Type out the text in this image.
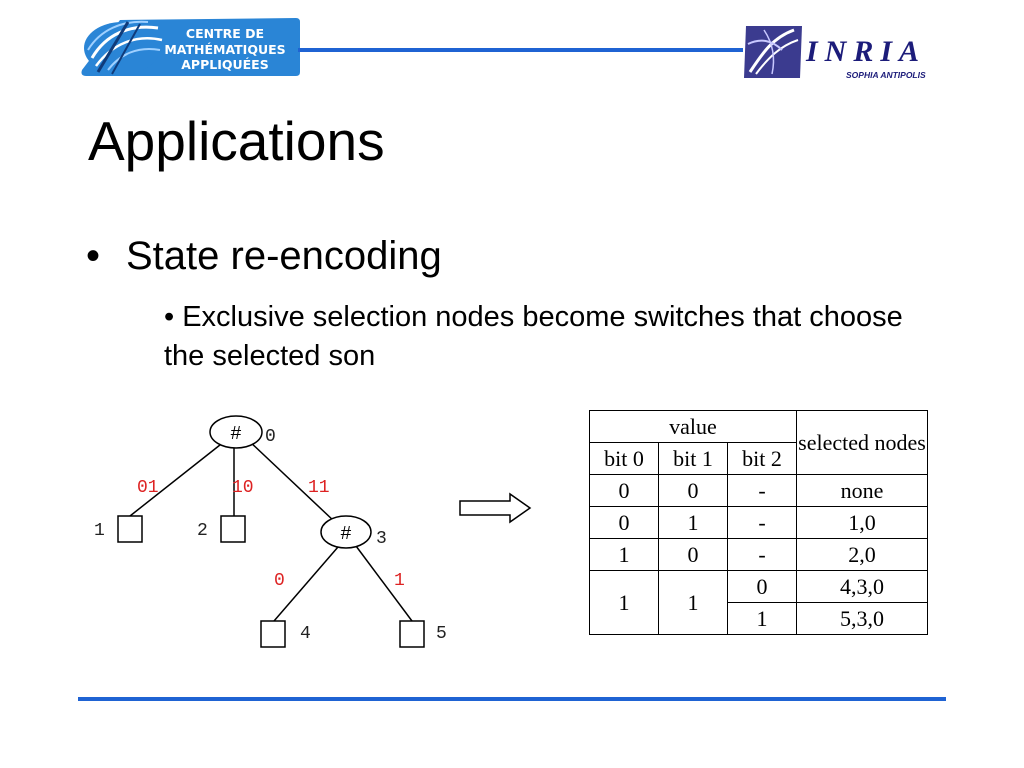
CENTRE DE
MATHÉMATIQUES
APPLIQUÉES	INRIA
SOPHIA ANTIPOLIS
Applications
• State re-encoding
• Exclusive selection nodes become switches that choose the selected son
# 0
# 3
1	2
4	5
01	10	11
0	1
value			selected nodes
bit 0	bit 1	bit 2	
0	0	-	none
0	1	-	1,0
1	0	-	2,0
1	1	0	4,3,0
		1	5,3,0
